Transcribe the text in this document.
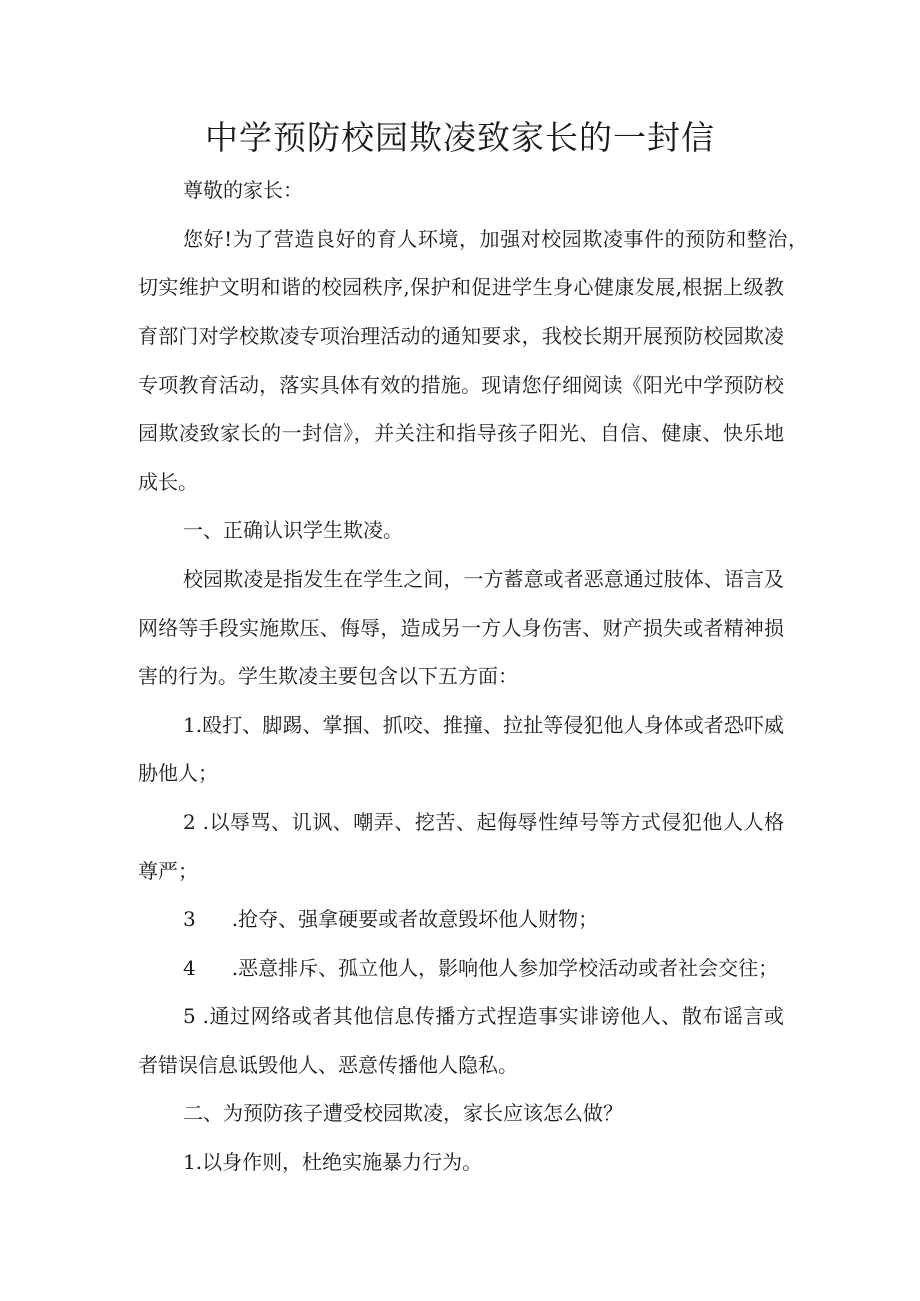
中学预防校园欺凌致家长的一封信

尊敬的家长：

您好!为了营造良好的育人环境，加强对校园欺凌事件的预防和整治，

切实维护文明和谐的校园秩序,保护和促进学生身心健康发展,根据上级教

育部门对学校欺凌专项治理活动的通知要求，我校长期开展预防校园欺凌

专项教育活动，落实具体有效的措施。现请您仔细阅读《阳光中学预防校

园欺凌致家长的一封信》，并关注和指导孩子阳光、自信、健康、快乐地

成长。

一、正确认识学生欺凌。

校园欺凌是指发生在学生之间，一方蓄意或者恶意通过肢体、语言及

网络等手段实施欺压、侮辱，造成另一方人身伤害、财产损失或者精神损

害的行为。学生欺凌主要包含以下五方面：

1.殴打、脚踢、掌掴、抓咬、推撞、拉扯等侵犯他人身体或者恐吓威

胁他人；

2 .以辱骂、讥讽、嘲弄、挖苦、起侮辱性绰号等方式侵犯他人人格

尊严；

3 .抢夺、强拿硬要或者故意毁坏他人财物；

4 .恶意排斥、孤立他人，影响他人参加学校活动或者社会交往；

5 .通过网络或者其他信息传播方式捏造事实诽谤他人、散布谣言或

者错误信息诋毁他人、恶意传播他人隐私。

二、为预防孩子遭受校园欺凌，家长应该怎么做？

1.以身作则，杜绝实施暴力行为。
